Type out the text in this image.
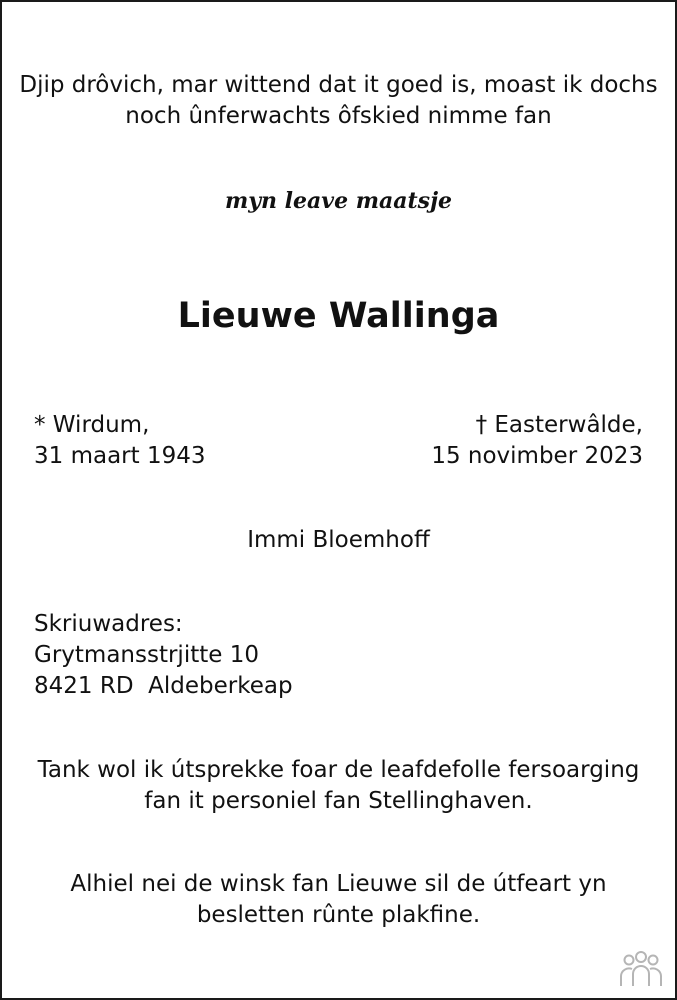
Djip drôvich, mar wittend dat it goed is, moast ik dochs
noch ûnferwachts ôfskied nimme fan
myn leave maatsje
Lieuwe Wallinga
* Wirdum,
31 maart 1943
† Easterwâlde,
15 novimber 2023
Immi Bloemhoff
Skriuwadres:
Grytmansstrjitte 10
8421 RD  Aldeberkeap
Tank wol ik útsprekke foar de leafdefolle fersoarging
fan it personiel fan Stellinghaven.
Alhiel nei de winsk fan Lieuwe sil de útfeart yn
besletten rûnte plakfine.
